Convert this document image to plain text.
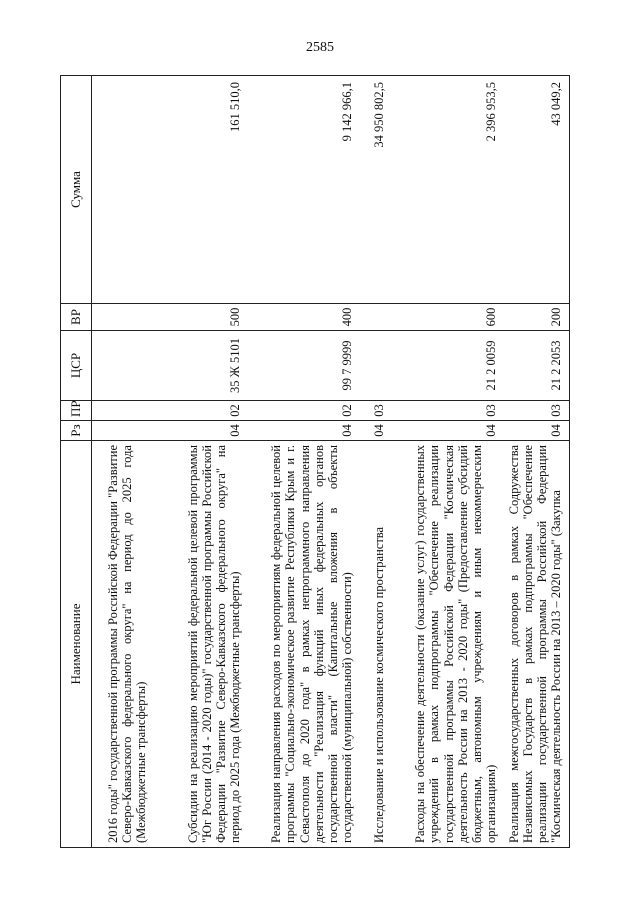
2585
Наименование	Рз	ПР	ЦСР	ВР	Сумма
2016 годы" государственной программы Российской Федерации "Развитие Северо-Кавказского федерального округа" на период до 2025 года (Межбюджетные трансферты)					
Субсидии на реализацию мероприятий федеральной целевой программы "Юг России (2014 - 2020 годы)" государственной программы Российской Федерации "Развитие Северо-Кавказского федерального округа" на период до 2025 года (Межбюджетные трансферты)	04	02	35 Ж 5101	500	161 510,0
Реализация направления расходов по мероприятиям федеральной целевой программы "Социально-экономическое развитие Республики Крым и г. Севастополя до 2020 года" в рамках непрограммного направления деятельности "Реализация функций иных федеральных органов государственной власти" (Капитальные вложения в объекты государственной (муниципальной) собственности)	04	02	99 7 9999	400	9 142 966,1
Исследование и использование космического пространства	04	03			34 950 802,5
Расходы на обеспечение деятельности (оказание услуг) государственных учреждений в рамках подпрограммы "Обеспечение реализации государственной программы Российской Федерации "Космическая деятельность России на 2013 - 2020 годы" (Предоставление субсидий бюджетным, автономным учреждениям и иным некоммерческим организациям)	04	03	21 2 0059	600	2 396 953,5
Реализация межгосударственных договоров в рамках Содружества Независимых Государств в рамках подпрограммы "Обеспечение реализации государственной программы Российской Федерации "Космическая деятельность России на 2013 – 2020 годы" (Закупка	04	03	21 2 2053	200	43 049,2
